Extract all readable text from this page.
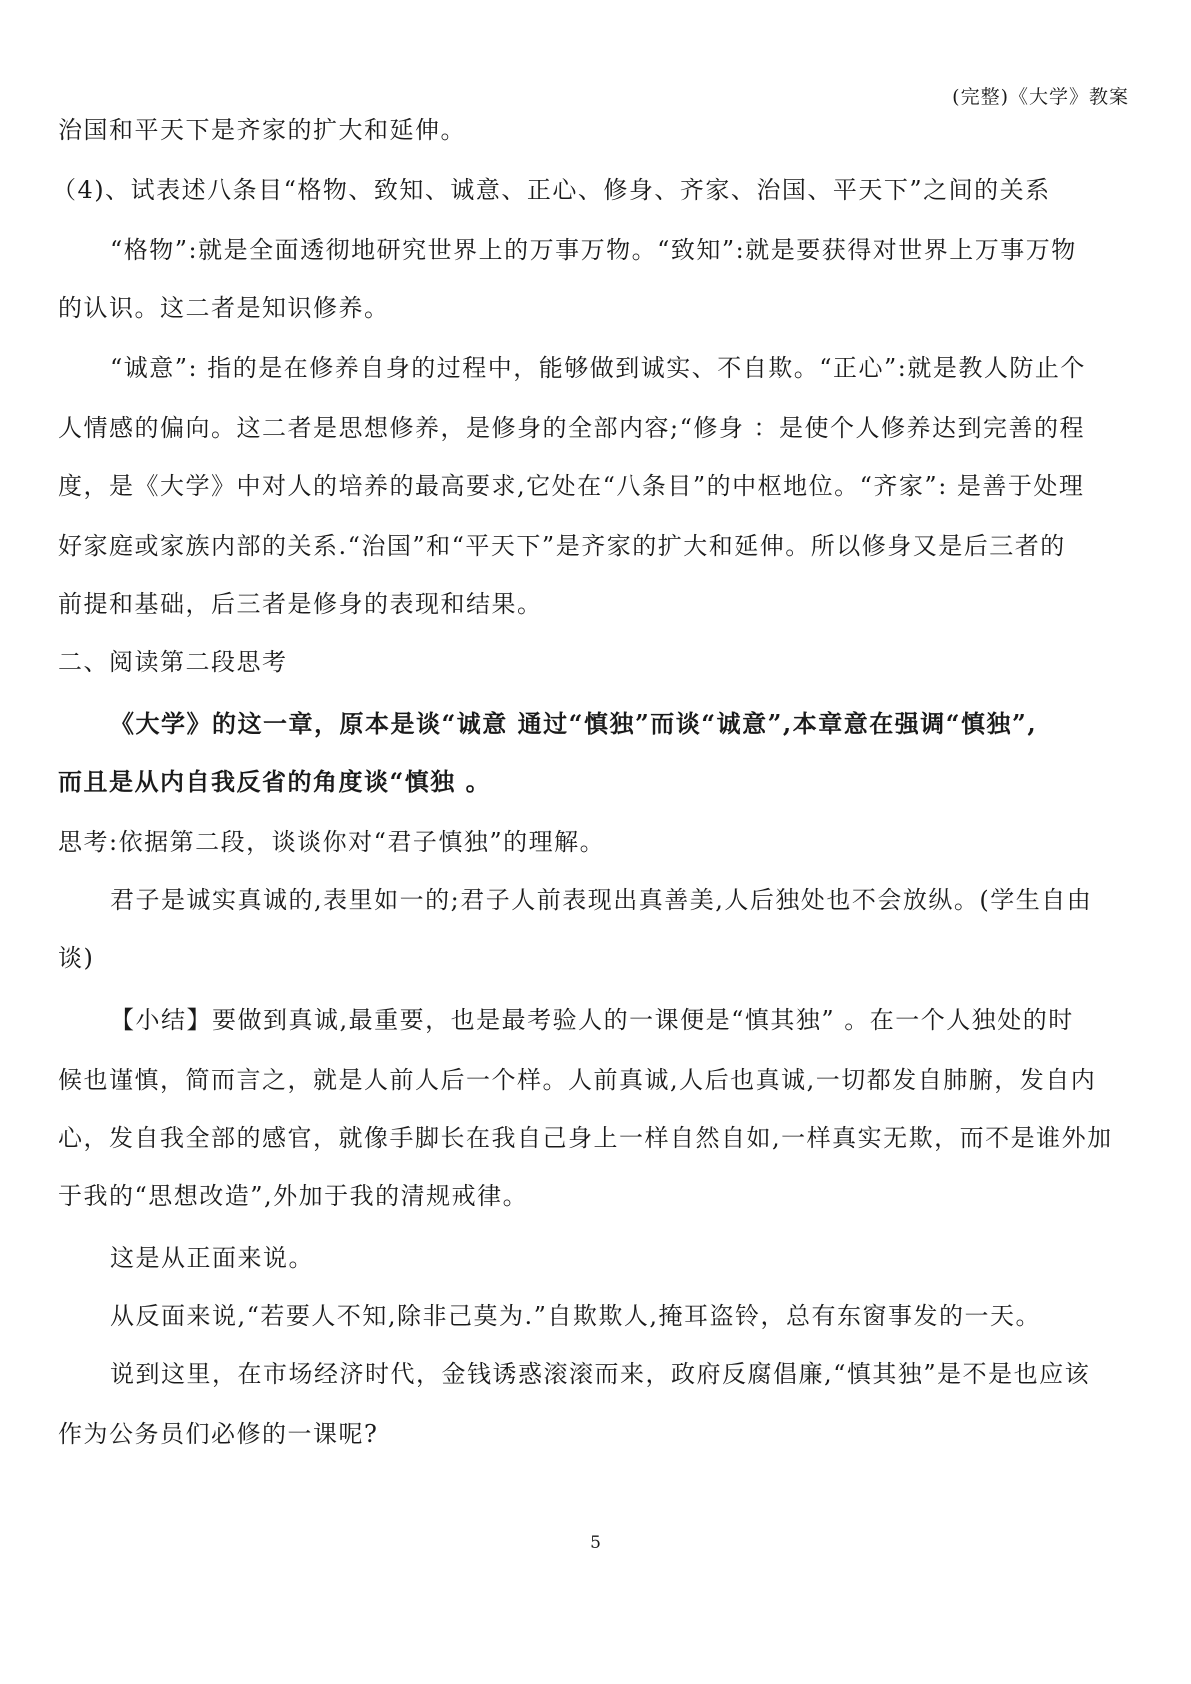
(完整)《大学》教案
治国和平天下是齐家的扩大和延伸。
（4)、试表述八条目“格物、致知、诚意、正心、修身、齐家、治国、平天下”之间的关系
“格物”:就是全面透彻地研究世界上的万事万物。“致知”:就是要获得对世界上万事万物
的认识。这二者是知识修养。
“诚意”: 指的是在修养自身的过程中，能够做到诚实、不自欺。“正心”:就是教人防止个
人情感的偏向。这二者是思想修养，是修身的全部内容;“修身 ：是使个人修养达到完善的程
度，是《大学》中对人的培养的最高要求,它处在“八条目”的中枢地位。“齐家”: 是善于处理
好家庭或家族内部的关系.“治国”和“平天下”是齐家的扩大和延伸。所以修身又是后三者的
前提和基础，后三者是修身的表现和结果。
二、阅读第二段思考
《大学》的这一章，原本是谈“诚意 通过“慎独”而谈“诚意”,本章意在强调“慎独”,
而且是从内自我反省的角度谈“慎独 。
思考:依据第二段，谈谈你对“君子慎独”的理解。
君子是诚实真诚的,表里如一的;君子人前表现出真善美,人后独处也不会放纵。(学生自由
谈)
【小结】要做到真诚,最重要，也是最考验人的一课便是“慎其独” 。在一个人独处的时
候也谨慎，简而言之，就是人前人后一个样。人前真诚,人后也真诚,一切都发自肺腑，发自内
心，发自我全部的感官，就像手脚长在我自己身上一样自然自如,一样真实无欺，而不是谁外加
于我的“思想改造”,外加于我的清规戒律。
这是从正面来说。
从反面来说,“若要人不知,除非己莫为.”自欺欺人,掩耳盗铃，总有东窗事发的一天。
说到这里，在市场经济时代，金钱诱惑滚滚而来，政府反腐倡廉,“慎其独”是不是也应该
作为公务员们必修的一课呢?
5
